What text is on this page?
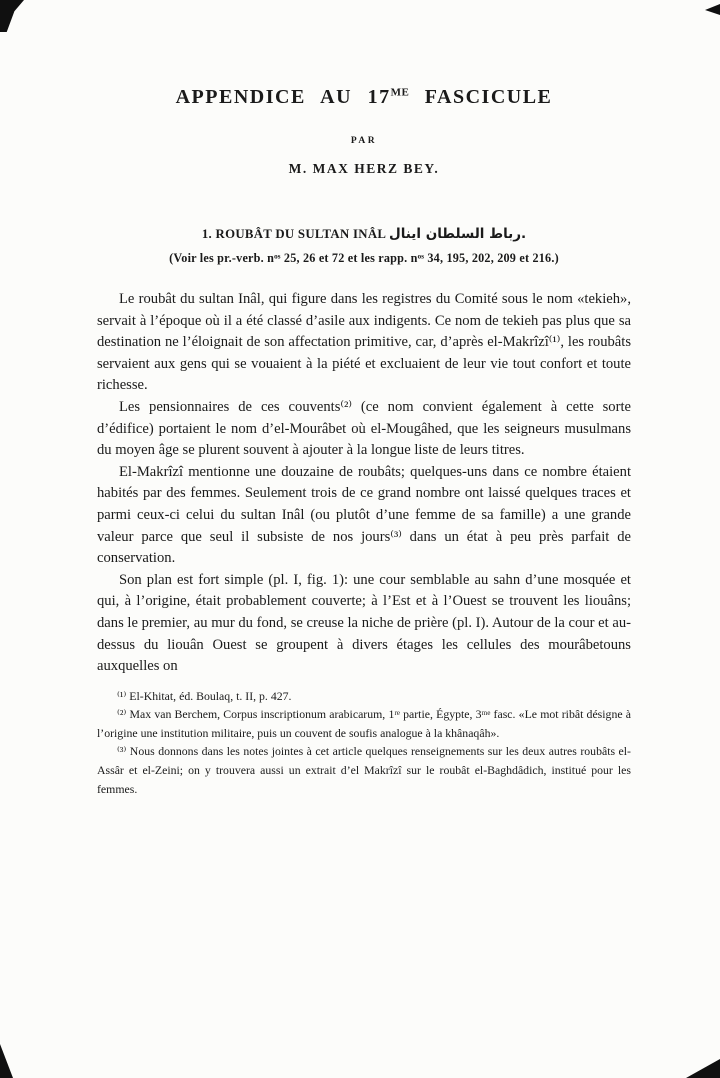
APPENDICE AU $17^{ME}$ FASCICULE
PAR
M. MAX HERZ BEY.
1. ROUBÂT DU SULTAN INÂL رباط السلطان اينال.
(Voir les pr.-verb. nᵒˢ 25, 26 et 72 et les rapp. nᵒˢ 34, 195, 202, 209 et 216.)

Le roubât du sultan Inâl, qui figure dans les registres du Comité sous le nom «tekieh», servait à l’époque où il a été classé d’asile aux indigents. Ce nom de tekieh pas plus que sa destination ne l’éloignait de son affectation primitive, car, d’après el-Makrîzî⁽¹⁾, les roubâts servaient aux gens qui se vouaient à la piété et excluaient de leur vie tout confort et toute richesse.

Les pensionnaires de ces couvents⁽²⁾ (ce nom convient également à cette sorte d’édifice) portaient le nom d’el-Mourâbet où el-Mougâhed, que les seigneurs musulmans du moyen âge se plurent souvent à ajouter à la longue liste de leurs titres.

El-Makrîzî mentionne une douzaine de roubâts; quelques-uns dans ce nombre étaient habités par des femmes. Seulement trois de ce grand nombre ont laissé quelques traces et parmi ceux-ci celui du sultan Inâl (ou plutôt d’une femme de sa famille) a une grande valeur parce que seul il subsiste de nos jours⁽³⁾ dans un état à peu près parfait de conservation.

Son plan est fort simple (pl. I, fig. 1): une cour semblable au sahn d’une mosquée et qui, à l’origine, était probablement couverte; à l’Est et à l’Ouest se trouvent les liouâns; dans le premier, au mur du fond, se creuse la niche de prière (pl. I). Autour de la cour et au-dessus du liouân Ouest se groupent à divers étages les cellules des mourâbetouns auxquelles on

⁽¹⁾ El-Khitat, éd. Boulaq, t. II, p. 427.

⁽²⁾ Max van Berchem, Corpus inscriptionum arabicarum, 1ʳᵉ partie, Égypte, 3ᵐᵉ fasc. «Le mot ribât désigne à l’origine une institution militaire, puis un couvent de soufis analogue à la khânaqâh».

⁽³⁾ Nous donnons dans les notes jointes à cet article quelques renseignements sur les deux autres roubâts el-Assâr et el-Zeini; on y trouvera aussi un extrait d’el Makrîzî sur le roubât el-Baghdâdich, institué pour les femmes.
